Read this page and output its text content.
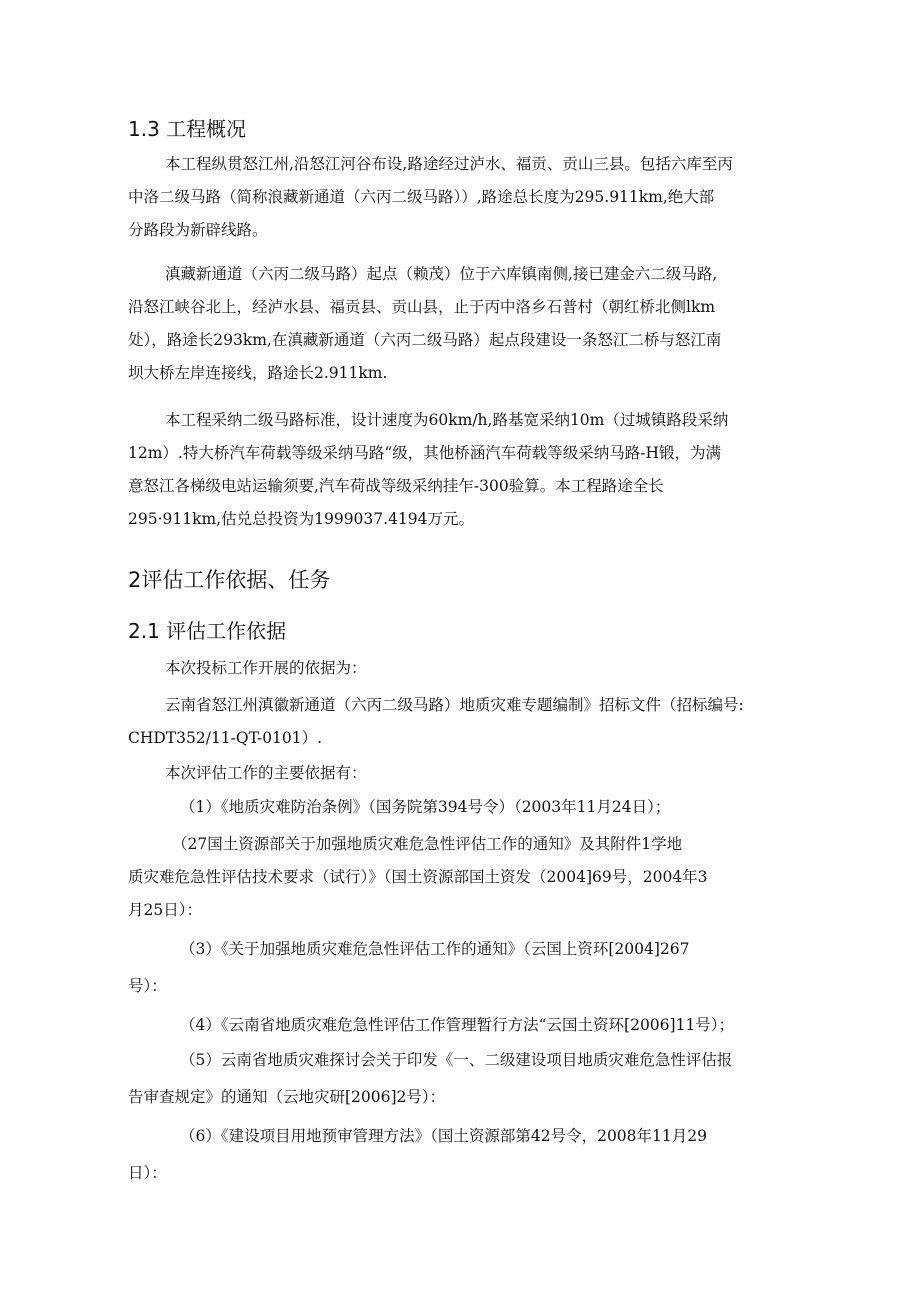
1.3 工程概况

本工程纵贯怒江州,沿怒江河谷布设,路途经过泸水、福贡、贡山三县。包括六库至丙
中洛二级马路（简称浪藏新通道（六丙二级马路））,路途总长度为295.911km,绝大部
分路段为新辟线路。

滇藏新通道（六丙二级马路）起点（赖茂）位于六库镇南侧,接已建金六二级马路,
沿怒江峡谷北上，经泸水县、福贡县、贡山县，止于丙中洛乡石普村（朝红桥北侧lkm
处），路途长293km,在滇藏新通道（六丙二级马路）起点段建设一条怒江二桥与怒江南
坝大桥左岸连接线，路途长2.911km.

本工程采纳二级马路标准，设计速度为60km∕h,路基宽采纳10m（过城镇路段采纳
12m）.特大桥汽车荷载等级采纳马路“级，其他桥涵汽车荷载等级采纳马路-H锻，为满
意怒江各梯级电站运输须要,汽车荷战等级采纳挂乍-300验算。本工程路途全长
295·911km,估兑总投资为1999037.4194万元。

2评估工作依据、任务
2.1 评估工作依据

本次投标工作开展的依据为：

云南省怒江州滇徽新通道（六丙二级马路）地质灾难专题编制》招标文件（招标编号:
CHDT352/11-QT-0101）.

本次评估工作的主要依据有：

（1）《地质灾难防治条例》（国务院第394号令）（2003年11月24日）；

（27国土资源部关于加强地质灾难危急性评估工作的通知》及其附件1学地
质灾难危急性评估技术要求（试行）》（国土资源部国土资发（2004]69号，2004年3
月25日）：

（3）《关于加强地质灾难危急性评估工作的通知》（云国上资环[2004]267
号）：

（4）《云南省地质灾难危急性评估工作管理暂行方法“云国土资环[2006]11号）；

（5）云南省地质灾难探讨会关于印发《一、二级建设项目地质灾难危急性评估报
告审查规定》的通知（云地灾研[2006]2号）：

（6）《建设项目用地预审管理方法》（国土资源部第42号令，2008年11月29
日）：
